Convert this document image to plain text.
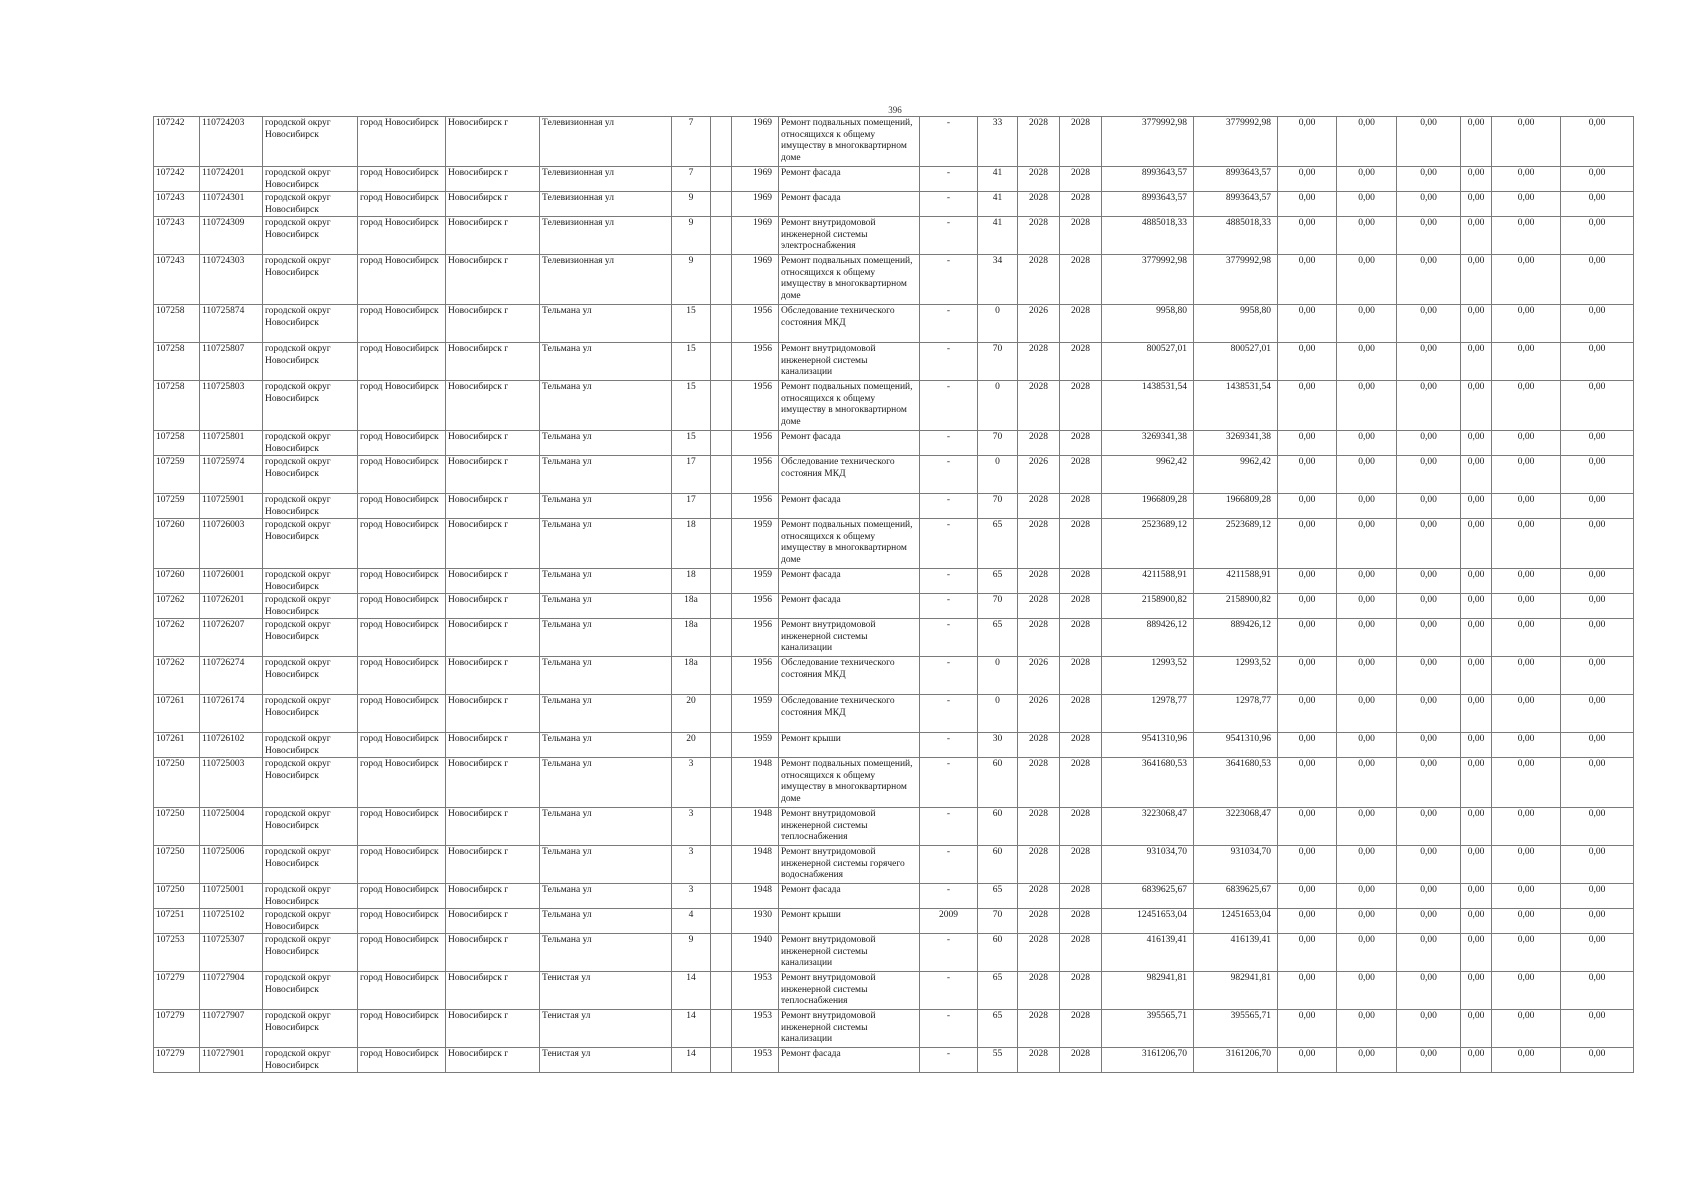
396
107242	110724203	городской округ Новосибирск	город Новосибирск	Новосибирск г	Телевизионная ул	7		1969	Ремонт подвальных помещений, относящихся к общему имуществу в многоквартирном доме	-	33	2028	2028	3779992,98	3779992,98	0,00	0,00	0,00	0,00	0,00	0,00
107242	110724201	городской округ Новосибирск	город Новосибирск	Новосибирск г	Телевизионная ул	7		1969	Ремонт фасада	-	41	2028	2028	8993643,57	8993643,57	0,00	0,00	0,00	0,00	0,00	0,00
107243	110724301	городской округ Новосибирск	город Новосибирск	Новосибирск г	Телевизионная ул	9		1969	Ремонт фасада	-	41	2028	2028	8993643,57	8993643,57	0,00	0,00	0,00	0,00	0,00	0,00
107243	110724309	городской округ Новосибирск	город Новосибирск	Новосибирск г	Телевизионная ул	9		1969	Ремонт внутридомовой инженерной системы электроснабжения	-	41	2028	2028	4885018,33	4885018,33	0,00	0,00	0,00	0,00	0,00	0,00
107243	110724303	городской округ Новосибирск	город Новосибирск	Новосибирск г	Телевизионная ул	9		1969	Ремонт подвальных помещений, относящихся к общему имуществу в многоквартирном доме	-	34	2028	2028	3779992,98	3779992,98	0,00	0,00	0,00	0,00	0,00	0,00
107258	110725874	городской округ Новосибирск	город Новосибирск	Новосибирск г	Тельмана ул	15		1956	Обследование технического состояния МКД	-	0	2026	2028	9958,80	9958,80	0,00	0,00	0,00	0,00	0,00	0,00
107258	110725807	городской округ Новосибирск	город Новосибирск	Новосибирск г	Тельмана ул	15		1956	Ремонт внутридомовой инженерной системы канализации	-	70	2028	2028	800527,01	800527,01	0,00	0,00	0,00	0,00	0,00	0,00
107258	110725803	городской округ Новосибирск	город Новосибирск	Новосибирск г	Тельмана ул	15		1956	Ремонт подвальных помещений, относящихся к общему имуществу в многоквартирном доме	-	0	2028	2028	1438531,54	1438531,54	0,00	0,00	0,00	0,00	0,00	0,00
107258	110725801	городской округ Новосибирск	город Новосибирск	Новосибирск г	Тельмана ул	15		1956	Ремонт фасада	-	70	2028	2028	3269341,38	3269341,38	0,00	0,00	0,00	0,00	0,00	0,00
107259	110725974	городской округ Новосибирск	город Новосибирск	Новосибирск г	Тельмана ул	17		1956	Обследование технического состояния МКД	-	0	2026	2028	9962,42	9962,42	0,00	0,00	0,00	0,00	0,00	0,00
107259	110725901	городской округ Новосибирск	город Новосибирск	Новосибирск г	Тельмана ул	17		1956	Ремонт фасада	-	70	2028	2028	1966809,28	1966809,28	0,00	0,00	0,00	0,00	0,00	0,00
107260	110726003	городской округ Новосибирск	город Новосибирск	Новосибирск г	Тельмана ул	18		1959	Ремонт подвальных помещений, относящихся к общему имуществу в многоквартирном доме	-	65	2028	2028	2523689,12	2523689,12	0,00	0,00	0,00	0,00	0,00	0,00
107260	110726001	городской округ Новосибирск	город Новосибирск	Новосибирск г	Тельмана ул	18		1959	Ремонт фасада	-	65	2028	2028	4211588,91	4211588,91	0,00	0,00	0,00	0,00	0,00	0,00
107262	110726201	городской округ Новосибирск	город Новосибирск	Новосибирск г	Тельмана ул	18а		1956	Ремонт фасада	-	70	2028	2028	2158900,82	2158900,82	0,00	0,00	0,00	0,00	0,00	0,00
107262	110726207	городской округ Новосибирск	город Новосибирск	Новосибирск г	Тельмана ул	18а		1956	Ремонт внутридомовой инженерной системы канализации	-	65	2028	2028	889426,12	889426,12	0,00	0,00	0,00	0,00	0,00	0,00
107262	110726274	городской округ Новосибирск	город Новосибирск	Новосибирск г	Тельмана ул	18а		1956	Обследование технического состояния МКД	-	0	2026	2028	12993,52	12993,52	0,00	0,00	0,00	0,00	0,00	0,00
107261	110726174	городской округ Новосибирск	город Новосибирск	Новосибирск г	Тельмана ул	20		1959	Обследование технического состояния МКД	-	0	2026	2028	12978,77	12978,77	0,00	0,00	0,00	0,00	0,00	0,00
107261	110726102	городской округ Новосибирск	город Новосибирск	Новосибирск г	Тельмана ул	20		1959	Ремонт крыши	-	30	2028	2028	9541310,96	9541310,96	0,00	0,00	0,00	0,00	0,00	0,00
107250	110725003	городской округ Новосибирск	город Новосибирск	Новосибирск г	Тельмана ул	3		1948	Ремонт подвальных помещений, относящихся к общему имуществу в многоквартирном доме	-	60	2028	2028	3641680,53	3641680,53	0,00	0,00	0,00	0,00	0,00	0,00
107250	110725004	городской округ Новосибирск	город Новосибирск	Новосибирск г	Тельмана ул	3		1948	Ремонт внутридомовой инженерной системы теплоснабжения	-	60	2028	2028	3223068,47	3223068,47	0,00	0,00	0,00	0,00	0,00	0,00
107250	110725006	городской округ Новосибирск	город Новосибирск	Новосибирск г	Тельмана ул	3		1948	Ремонт внутридомовой инженерной системы горячего водоснабжения	-	60	2028	2028	931034,70	931034,70	0,00	0,00	0,00	0,00	0,00	0,00
107250	110725001	городской округ Новосибирск	город Новосибирск	Новосибирск г	Тельмана ул	3		1948	Ремонт фасада	-	65	2028	2028	6839625,67	6839625,67	0,00	0,00	0,00	0,00	0,00	0,00
107251	110725102	городской округ Новосибирск	город Новосибирск	Новосибирск г	Тельмана ул	4		1930	Ремонт крыши	2009	70	2028	2028	12451653,04	12451653,04	0,00	0,00	0,00	0,00	0,00	0,00
107253	110725307	городской округ Новосибирск	город Новосибирск	Новосибирск г	Тельмана ул	9		1940	Ремонт внутридомовой инженерной системы канализации	-	60	2028	2028	416139,41	416139,41	0,00	0,00	0,00	0,00	0,00	0,00
107279	110727904	городской округ Новосибирск	город Новосибирск	Новосибирск г	Тенистая ул	14		1953	Ремонт внутридомовой инженерной системы теплоснабжения	-	65	2028	2028	982941,81	982941,81	0,00	0,00	0,00	0,00	0,00	0,00
107279	110727907	городской округ Новосибирск	город Новосибирск	Новосибирск г	Тенистая ул	14		1953	Ремонт внутридомовой инженерной системы канализации	-	65	2028	2028	395565,71	395565,71	0,00	0,00	0,00	0,00	0,00	0,00
107279	110727901	городской округ Новосибирск	город Новосибирск	Новосибирск г	Тенистая ул	14		1953	Ремонт фасада	-	55	2028	2028	3161206,70	3161206,70	0,00	0,00	0,00	0,00	0,00	0,00
